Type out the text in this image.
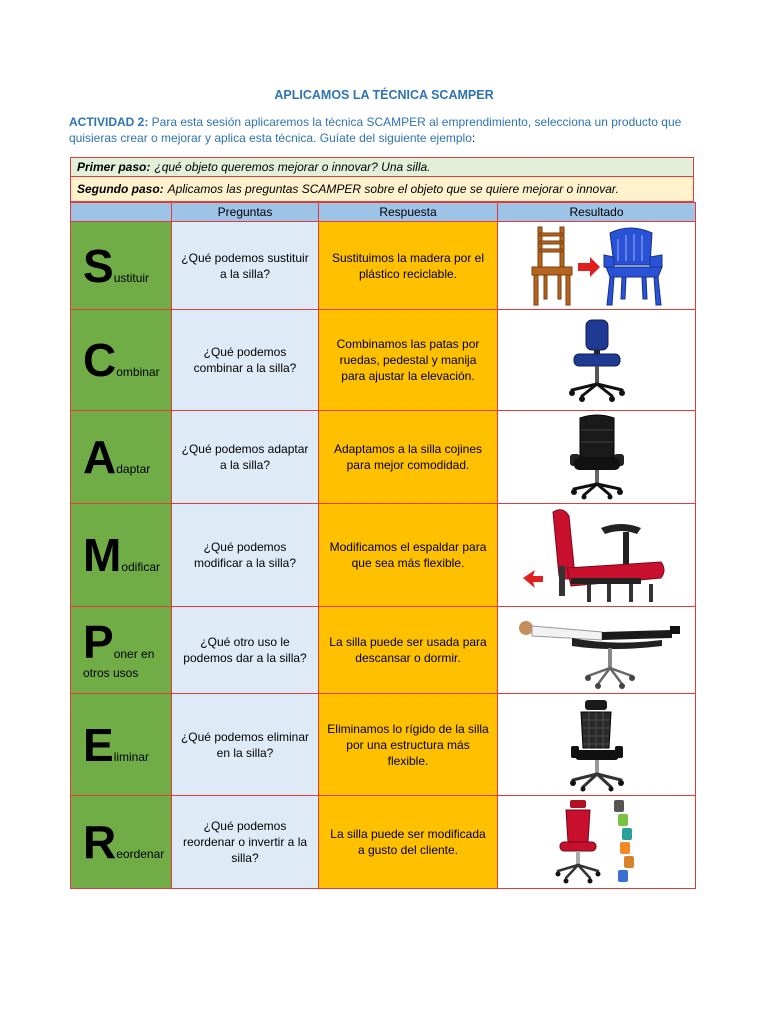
APLICAMOS LA TÉCNICA SCAMPER
ACTIVIDAD 2: Para esta sesión aplicaremos la técnica SCAMPER al emprendimiento, selecciona un producto que quisieras crear o mejorar y aplica esta técnica. Guíate del siguiente ejemplo:
Primer paso: ¿qué objeto queremos mejorar o innovar? Una silla.
Segundo paso: Aplicamos las preguntas SCAMPER sobre el objeto que se quiere mejorar o innovar.
	Preguntas	Respuesta	Resultado

Sustituir	¿Qué podemos sustituir a la silla?	Sustituimos la madera por el plástico reciclable.	

Combinar	¿Qué podemos combinar a la silla?	Combinamos las patas por ruedas, pedestal y manija para ajustar la elevación.	

Adaptar	¿Qué podemos adaptar a la silla?	Adaptamos a la silla cojines para mejor comodidad.	

Modificar	¿Qué podemos modificar a la silla?	Modificamos el espaldar para que sea más flexible.	

Poner en
otros usos	¿Qué otro uso le podemos dar a la silla?	La silla puede ser usada para descansar o dormir.	

Eliminar	¿Qué podemos eliminar en la silla?	Eliminamos lo rígido de la silla por una estructura más flexible.	

Reordenar	¿Qué podemos reordenar o invertir a la silla?	La silla puede ser modificada a gusto del cliente.	
